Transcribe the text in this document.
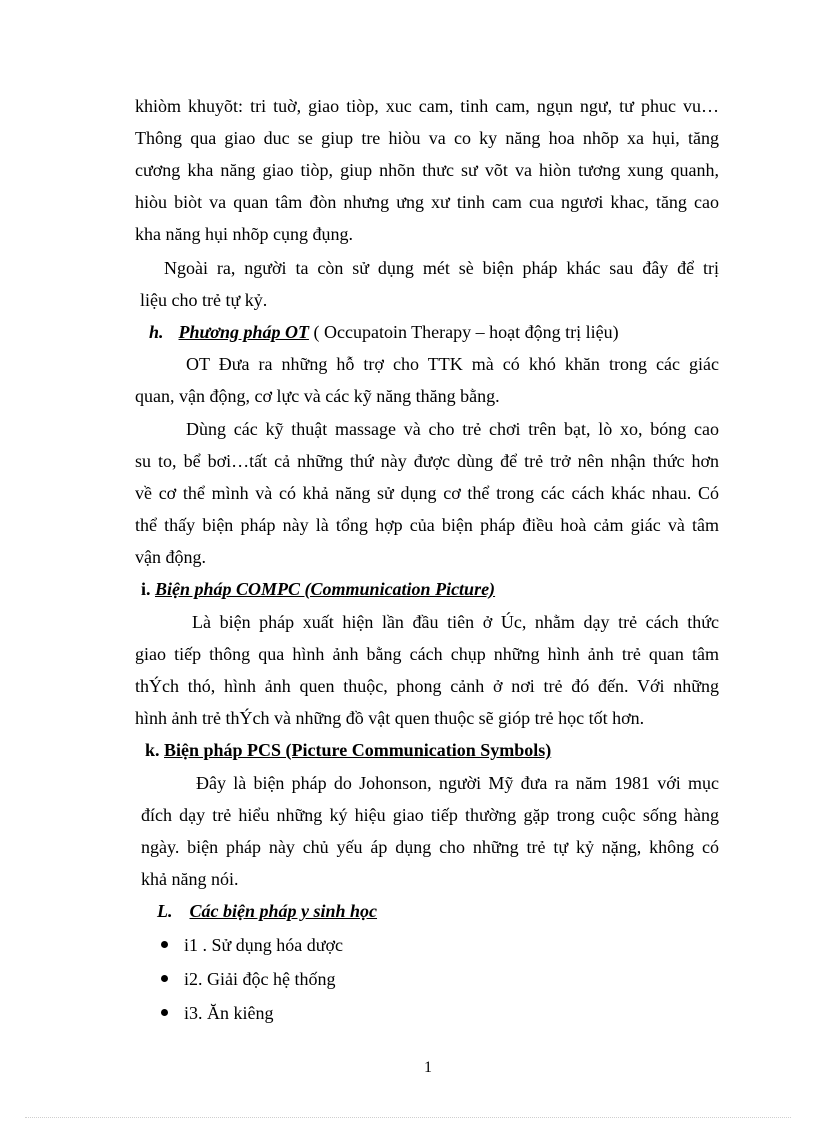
khiòm khuyõt: tri tuờ, giao tiòp, xuc cam, tinh cam, ngụn ngư, tư phuc vu…
Thông qua giao duc se giup tre hiòu va co ky năng hoa nhõp xa hụi, tăng
cương kha năng giao tiòp, giup nhõn thưc sư võt va hiòn tương xung quanh,
hiòu biòt va quan tâm đòn nhưng ưng xư tinh cam cua ngươi khac, tăng cao
kha năng hụi nhõp cụng đụng.
Ngoài ra, người ta còn sử dụng mét sè biện pháp khác sau đây để trị
liệu cho trẻ tự kỷ.
h. Phương pháp OT ( Occupatoin Therapy – hoạt động trị liệu)
OT Đưa ra những hỗ trợ cho TTK mà có khó khăn trong các giác
quan, vận động, cơ lực và các kỹ năng thăng bằng.
Dùng các kỹ thuật massage và cho trẻ chơi trên bạt, lò xo, bóng cao
su to, bể bơi…tất cả những thứ này được dùng để trẻ trở nên nhận thức hơn
về cơ thể mình và có khả năng sử dụng cơ thể trong các cách khác nhau. Có
thể thấy biện pháp này là tổng hợp của biện pháp điều hoà cảm giác và tâm
vận động.
i. Biện pháp COMPC (Communication Picture)
Là biện pháp xuất hiện lần đầu tiên ở Úc, nhằm dạy trẻ cách thức
giao tiếp thông qua hình ảnh bằng cách chụp những hình ảnh trẻ quan tâm
thÝch thó, hình ảnh quen thuộc, phong cảnh ở nơi trẻ đó đến. Với những
hình ảnh trẻ thÝch và những đồ vật quen thuộc sẽ gióp trẻ học tốt hơn.
k. Biện pháp PCS (Picture Communication Symbols)
Đây là biện pháp do Johonson, người Mỹ đưa ra năm 1981 với mục
đích dạy trẻ hiểu những ký hiệu giao tiếp thường gặp trong cuộc sống hàng
ngày. biện pháp này chủ yếu áp dụng cho những trẻ tự kỷ nặng, không có
khả năng nói.
L. Các biện pháp y sinh học
i1 . Sử dụng hóa dược
i2. Giải độc hệ thống
i3. Ăn kiêng
1
